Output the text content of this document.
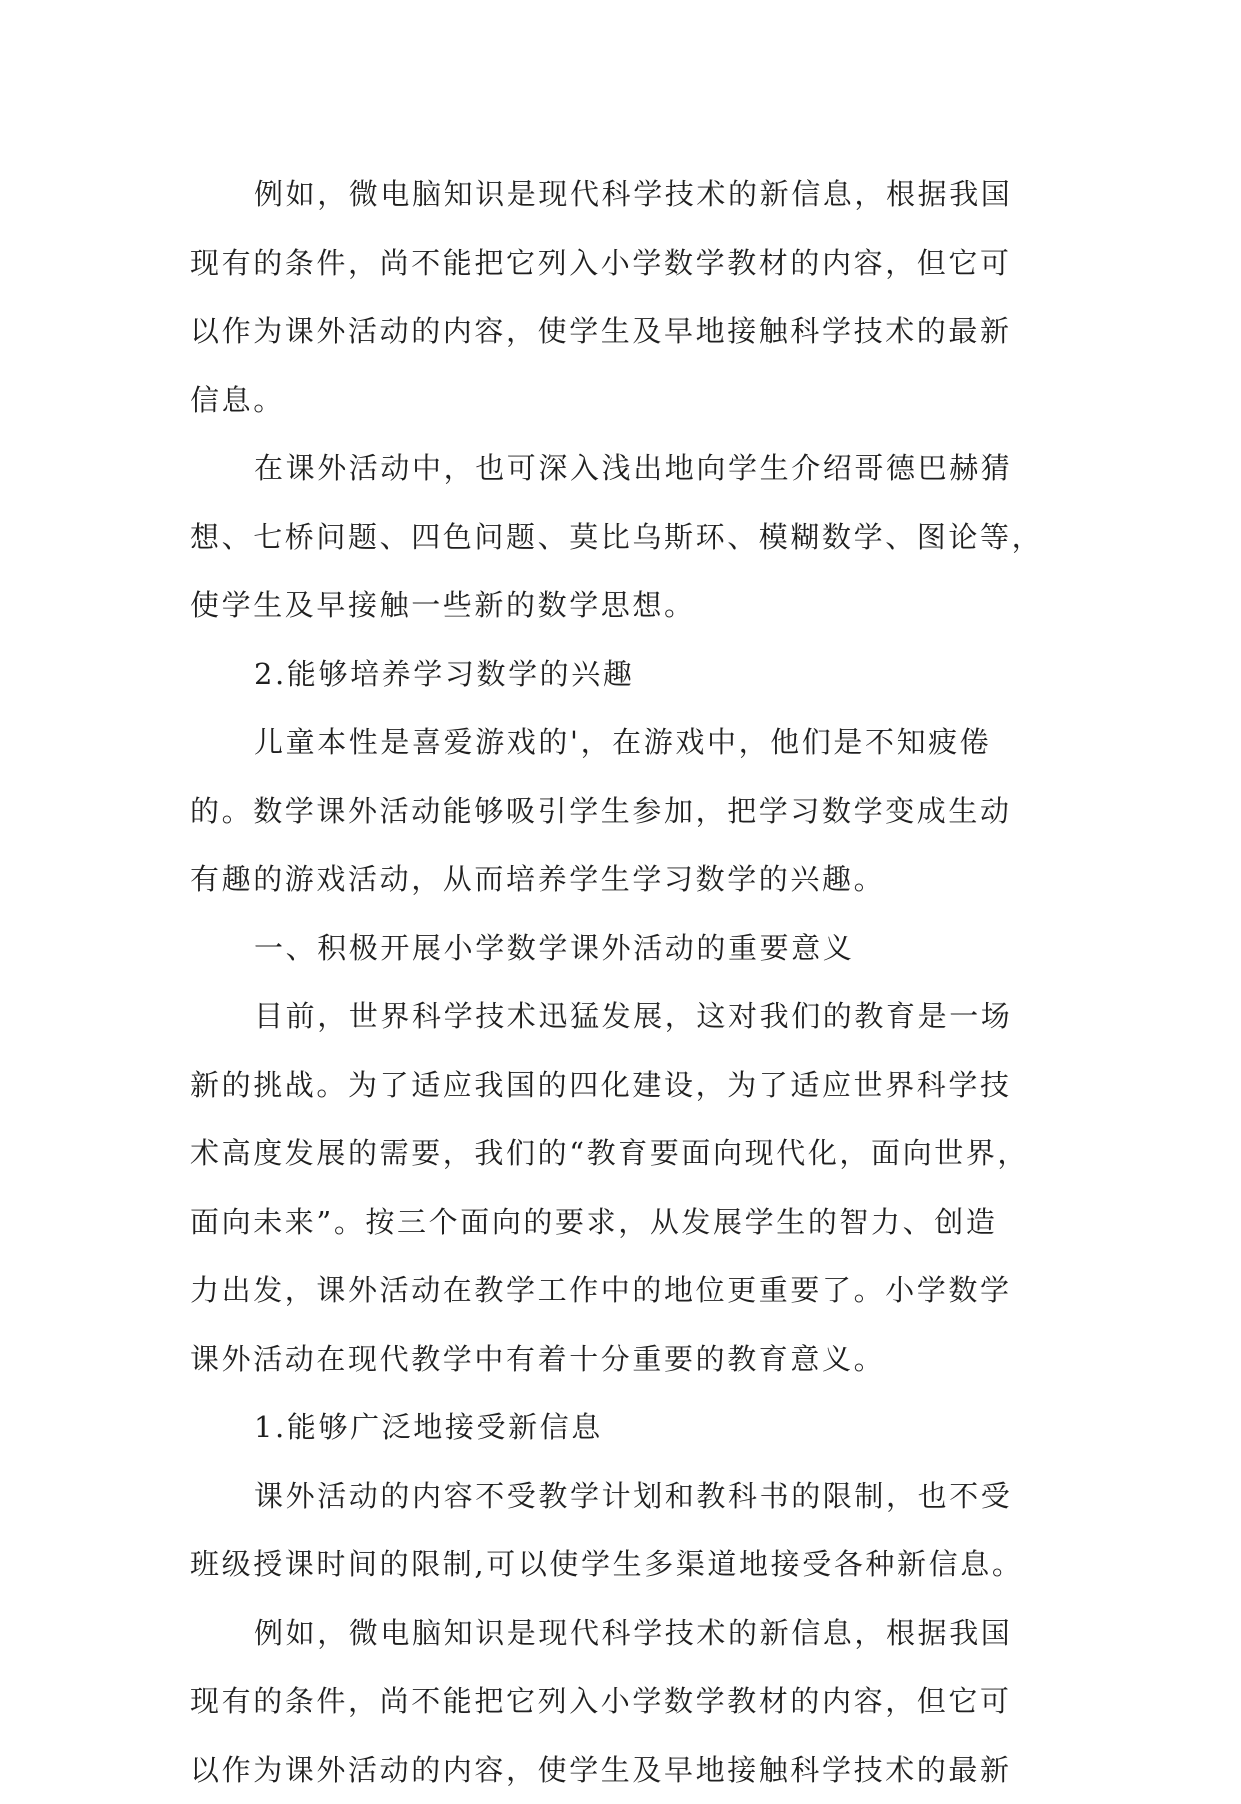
例如，微电脑知识是现代科学技术的新信息，根据我国
现有的条件，尚不能把它列入小学数学教材的内容，但它可
以作为课外活动的内容，使学生及早地接触科学技术的最新
信息。
在课外活动中，也可深入浅出地向学生介绍哥德巴赫猜
想、七桥问题、四色问题、莫比乌斯环、模糊数学、图论等，
使学生及早接触一些新的数学思想。
2.能够培养学习数学的兴趣
儿童本性是喜爱游戏的'，在游戏中，他们是不知疲倦
的。数学课外活动能够吸引学生参加，把学习数学变成生动
有趣的游戏活动，从而培养学生学习数学的兴趣。
一、积极开展小学数学课外活动的重要意义
目前，世界科学技术迅猛发展，这对我们的教育是一场
新的挑战。为了适应我国的四化建设，为了适应世界科学技
术高度发展的需要，我们的“教育要面向现代化，面向世界，
面向未来”。按三个面向的要求，从发展学生的智力、创造
力出发，课外活动在教学工作中的地位更重要了。小学数学
课外活动在现代教学中有着十分重要的教育意义。
1.能够广泛地接受新信息
课外活动的内容不受教学计划和教科书的限制，也不受
班级授课时间的限制,可以使学生多渠道地接受各种新信息。
例如，微电脑知识是现代科学技术的新信息，根据我国
现有的条件，尚不能把它列入小学数学教材的内容，但它可
以作为课外活动的内容，使学生及早地接触科学技术的最新
